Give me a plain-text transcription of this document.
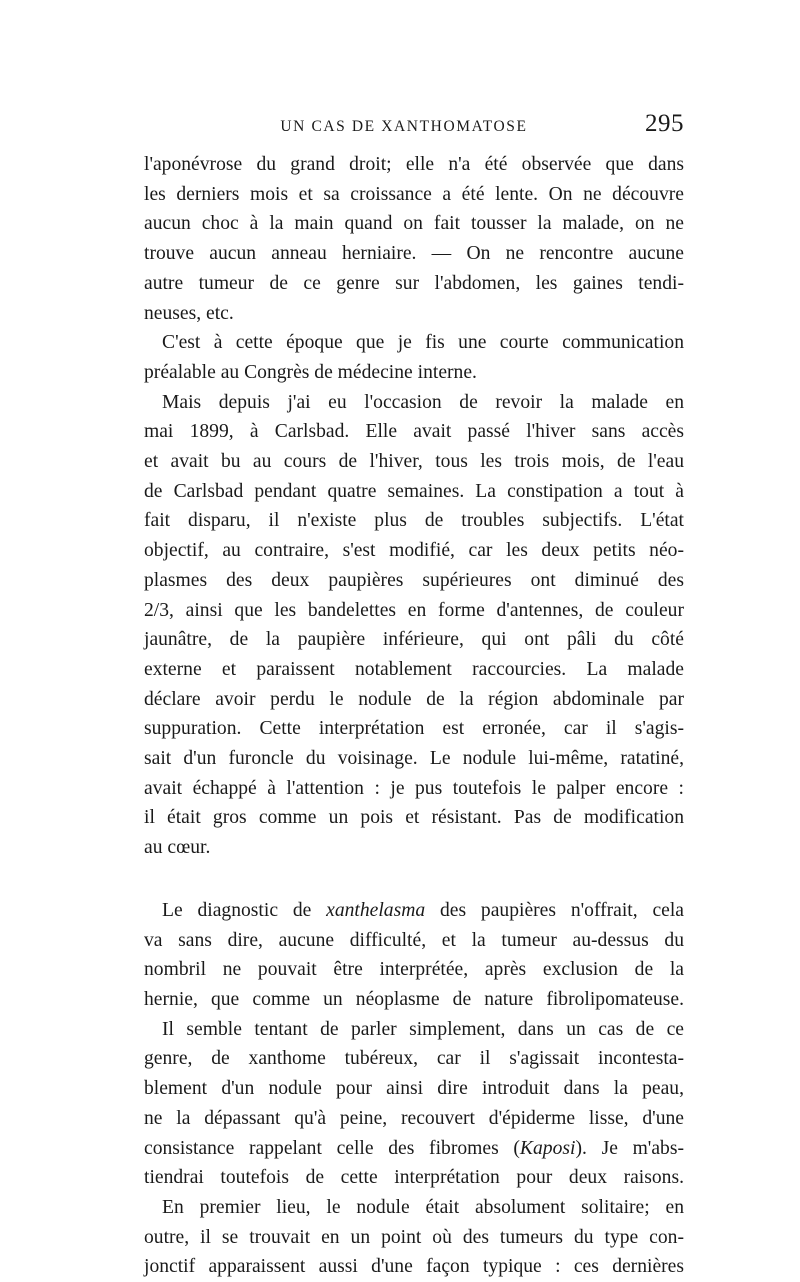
UN CAS DE XANTHOMATOSE	295
l'aponévrose du grand droit; elle n'a été observée que dans
les derniers mois et sa croissance a été lente. On ne découvre
aucun choc à la main quand on fait tousser la malade, on ne
trouve aucun anneau herniaire. — On ne rencontre aucune
autre tumeur de ce genre sur l'abdomen, les gaines tendi-
neuses, etc.
C'est à cette époque que je fis une courte communication
préalable au Congrès de médecine interne.
Mais depuis j'ai eu l'occasion de revoir la malade en
mai 1899, à Carlsbad. Elle avait passé l'hiver sans accès
et avait bu au cours de l'hiver, tous les trois mois, de l'eau
de Carlsbad pendant quatre semaines. La constipation a tout à
fait disparu, il n'existe plus de troubles subjectifs. L'état
objectif, au contraire, s'est modifié, car les deux petits néo-
plasmes des deux paupières supérieures ont diminué des
2/3, ainsi que les bandelettes en forme d'antennes, de couleur
jaunâtre, de la paupière inférieure, qui ont pâli du côté
externe et paraissent notablement raccourcies. La malade
déclare avoir perdu le nodule de la région abdominale par
suppuration. Cette interprétation est erronée, car il s'agis-
sait d'un furoncle du voisinage. Le nodule lui-même, ratatiné,
avait échappé à l'attention : je pus toutefois le palper encore :
il était gros comme un pois et résistant. Pas de modification
au cœur.
Le diagnostic de xanthelasma des paupières n'offrait, cela
va sans dire, aucune difficulté, et la tumeur au-dessus du
nombril ne pouvait être interprétée, après exclusion de la
hernie, que comme un néoplasme de nature fibrolipomateuse.
Il semble tentant de parler simplement, dans un cas de ce
genre, de xanthome tubéreux, car il s'agissait incontesta-
blement d'un nodule pour ainsi dire introduit dans la peau,
ne la dépassant qu'à peine, recouvert d'épiderme lisse, d'une
consistance rappelant celle des fibromes (Kaposi). Je m'abs-
tiendrai toutefois de cette interprétation pour deux raisons.
En premier lieu, le nodule était absolument solitaire; en
outre, il se trouvait en un point où des tumeurs du type con-
jonctif apparaissent aussi d'une façon typique : ces dernières
